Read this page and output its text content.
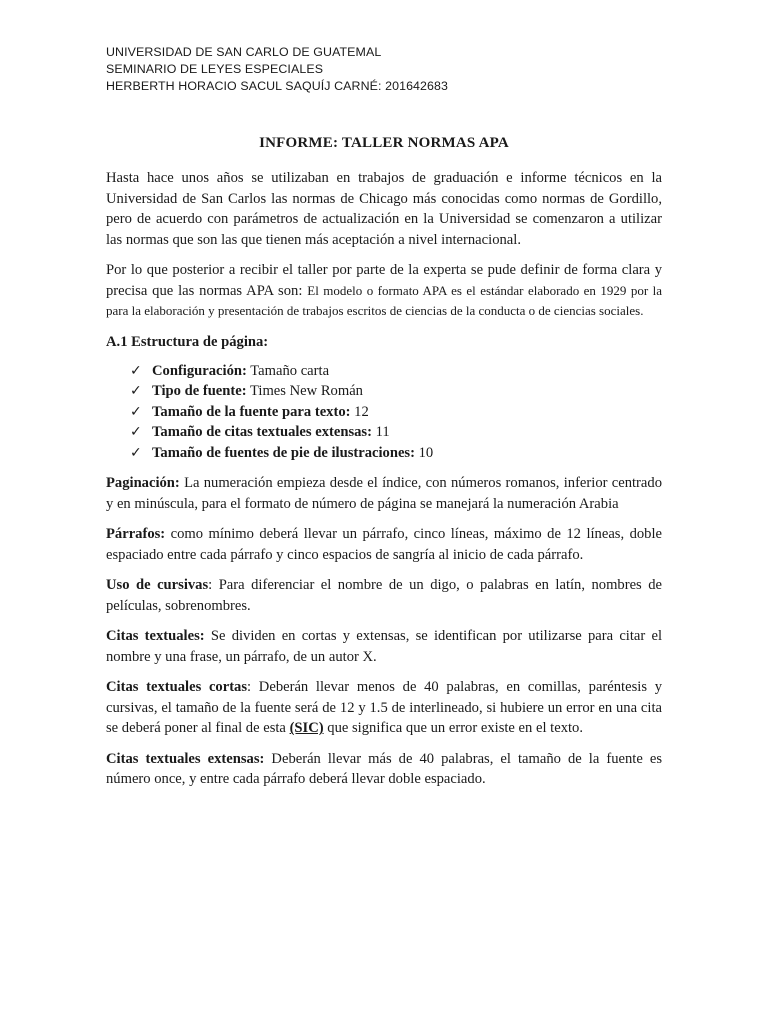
UNIVERSIDAD DE SAN CARLO DE GUATEMAL
SEMINARIO DE LEYES ESPECIALES
HERBERTH HORACIO SACUL SAQUÍJ CARNÉ: 201642683
INFORME: TALLER NORMAS APA

Hasta hace unos años se utilizaban en trabajos de graduación e informe técnicos en la Universidad de San Carlos las normas de Chicago más conocidas como normas de Gordillo, pero de acuerdo con parámetros de actualización en la Universidad se comenzaron a utilizar las normas que son las que tienen más aceptación a nivel internacional.

Por lo que posterior a recibir el taller por parte de la experta se pude definir de forma clara y precisa que las normas APA son: El modelo o formato APA es el estándar elaborado en 1929 por la para la elaboración y presentación de trabajos escritos de ciencias de la conducta o de ciencias sociales.

A.1 Estructura de página:
✓ Configuración: Tamaño carta
✓ Tipo de fuente: Times New Román
✓ Tamaño de la fuente para texto: 12
✓ Tamaño de citas textuales extensas: 11
✓ Tamaño de fuentes de pie de ilustraciones: 10

Paginación: La numeración empieza desde el índice, con números romanos, inferior centrado y en minúscula, para el formato de número de página se manejará la numeración Arabia

Párrafos: como mínimo deberá llevar un párrafo, cinco líneas, máximo de 12 líneas, doble espaciado entre cada párrafo y cinco espacios de sangría al inicio de cada párrafo.

Uso de cursivas: Para diferenciar el nombre de un digo, o palabras en latín, nombres de películas, sobrenombres.

Citas textuales: Se dividen en cortas y extensas, se identifican por utilizarse para citar el nombre y una frase, un párrafo, de un autor X.

Citas textuales cortas: Deberán llevar menos de 40 palabras, en comillas, paréntesis y cursivas, el tamaño de la fuente será de 12 y 1.5 de interlineado, si hubiere un error en una cita se deberá poner al final de esta (SIC) que significa que un error existe en el texto.

Citas textuales extensas: Deberán llevar más de 40 palabras, el tamaño de la fuente es número once, y entre cada párrafo deberá llevar doble espaciado.
